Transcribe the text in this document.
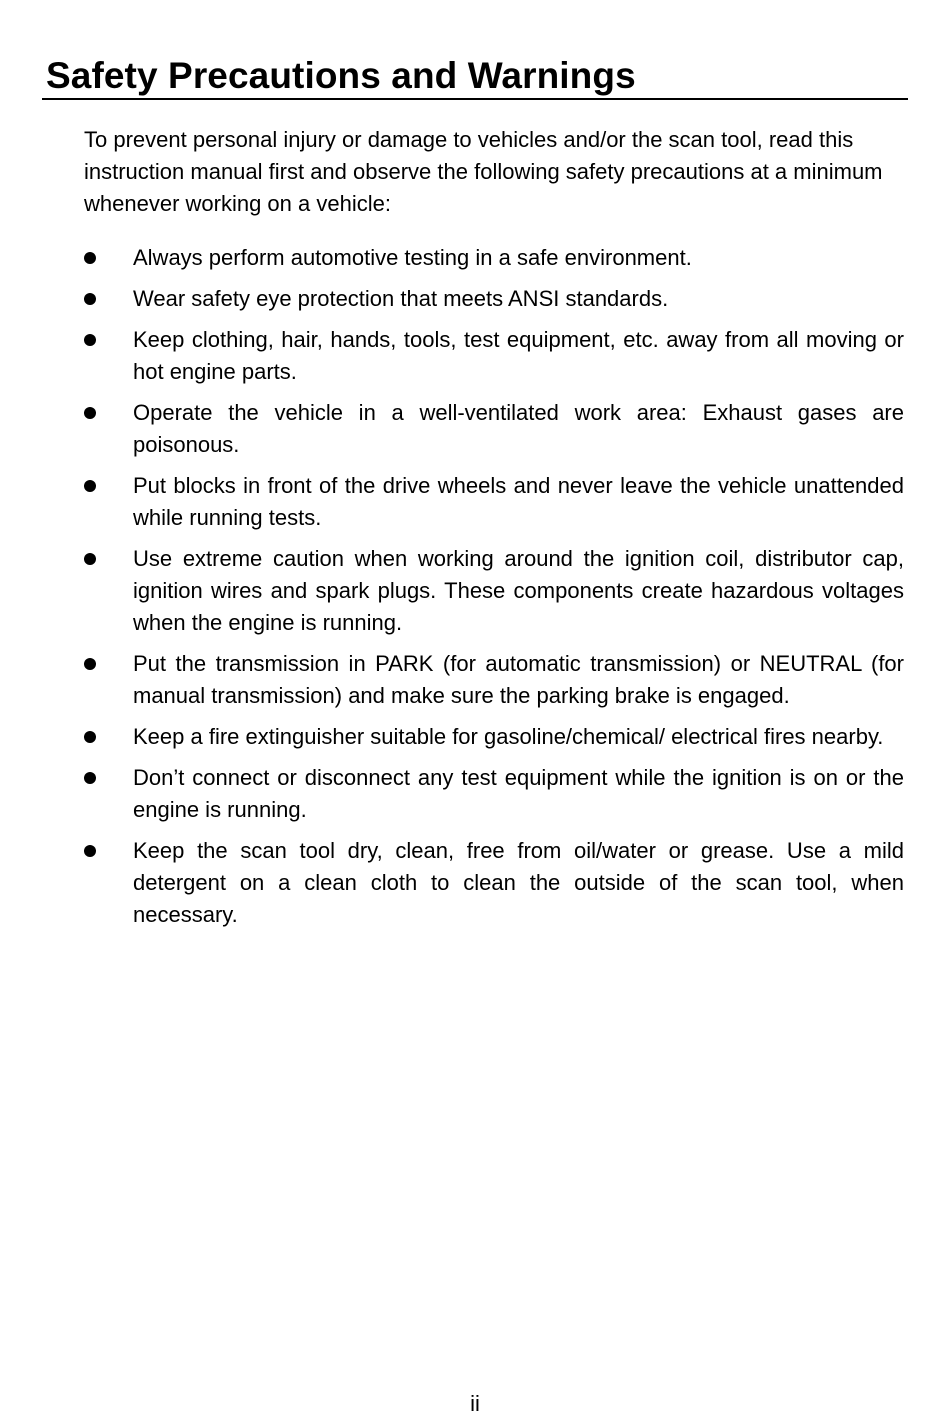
Safety Precautions and Warnings

To prevent personal injury or damage to vehicles and/or the scan tool, read this instruction manual first and observe the following safety precautions at a minimum whenever working on a vehicle:

Always perform automotive testing in a safe environment.
Wear safety eye protection that meets ANSI standards.
Keep clothing, hair, hands, tools, test equipment, etc. away from all moving or hot engine parts.
Operate the vehicle in a well-ventilated work area: Exhaust gases are poisonous.
Put blocks in front of the drive wheels and never leave the vehicle unattended while running tests.
Use extreme caution when working around the ignition coil, distributor cap, ignition wires and spark plugs. These components create hazardous voltages when the engine is running.
Put the transmission in PARK (for automatic transmission) or NEUTRAL (for manual transmission) and make sure the parking brake is engaged.
Keep a fire extinguisher suitable for gasoline/chemical/ electrical fires nearby.
Don’t connect or disconnect any test equipment while the ignition is on or the engine is running.
Keep the scan tool dry, clean, free from oil/water or grease. Use a mild detergent on a clean cloth to clean the outside of the scan tool, when necessary.
ii
